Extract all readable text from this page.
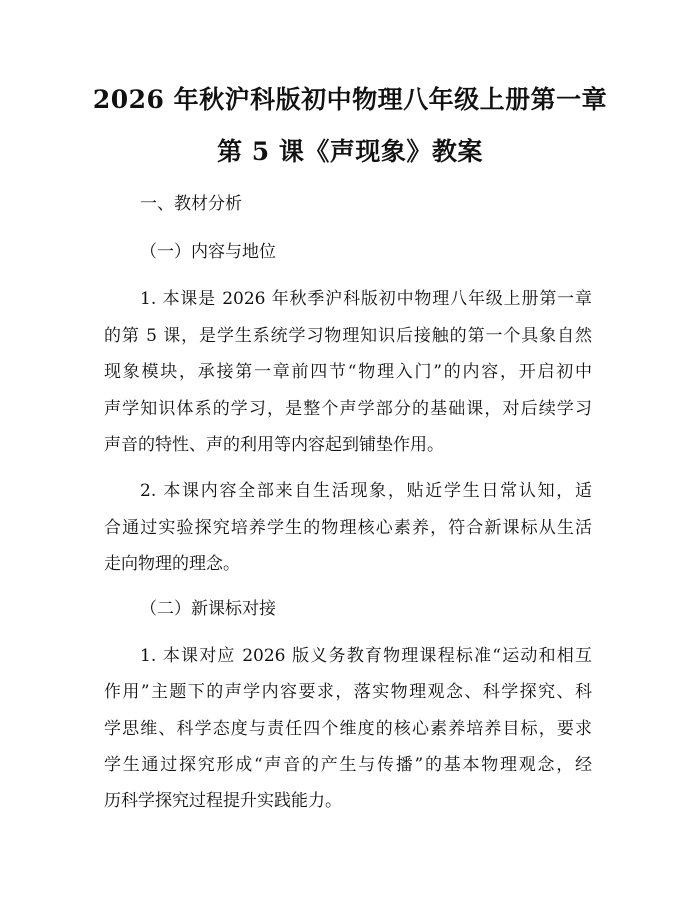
2026 年秋沪科版初中物理八年级上册第一章
第 5 课《声现象》教案
一、教材分析
（一）内容与地位
1. 本课是 2026 年秋季沪科版初中物理八年级上册第一章
的第 5 课，是学生系统学习物理知识后接触的第一个具象自然
现象模块，承接第一章前四节“物理入门”的内容，开启初中
声学知识体系的学习，是整个声学部分的基础课，对后续学习
声音的特性、声的利用等内容起到铺垫作用。
2. 本课内容全部来自生活现象，贴近学生日常认知，适
合通过实验探究培养学生的物理核心素养，符合新课标从生活
走向物理的理念。
（二）新课标对接
1. 本课对应 2026 版义务教育物理课程标准“运动和相互
作用”主题下的声学内容要求，落实物理观念、科学探究、科
学思维、科学态度与责任四个维度的核心素养培养目标，要求
学生通过探究形成“声音的产生与传播”的基本物理观念，经
历科学探究过程提升实践能力。
